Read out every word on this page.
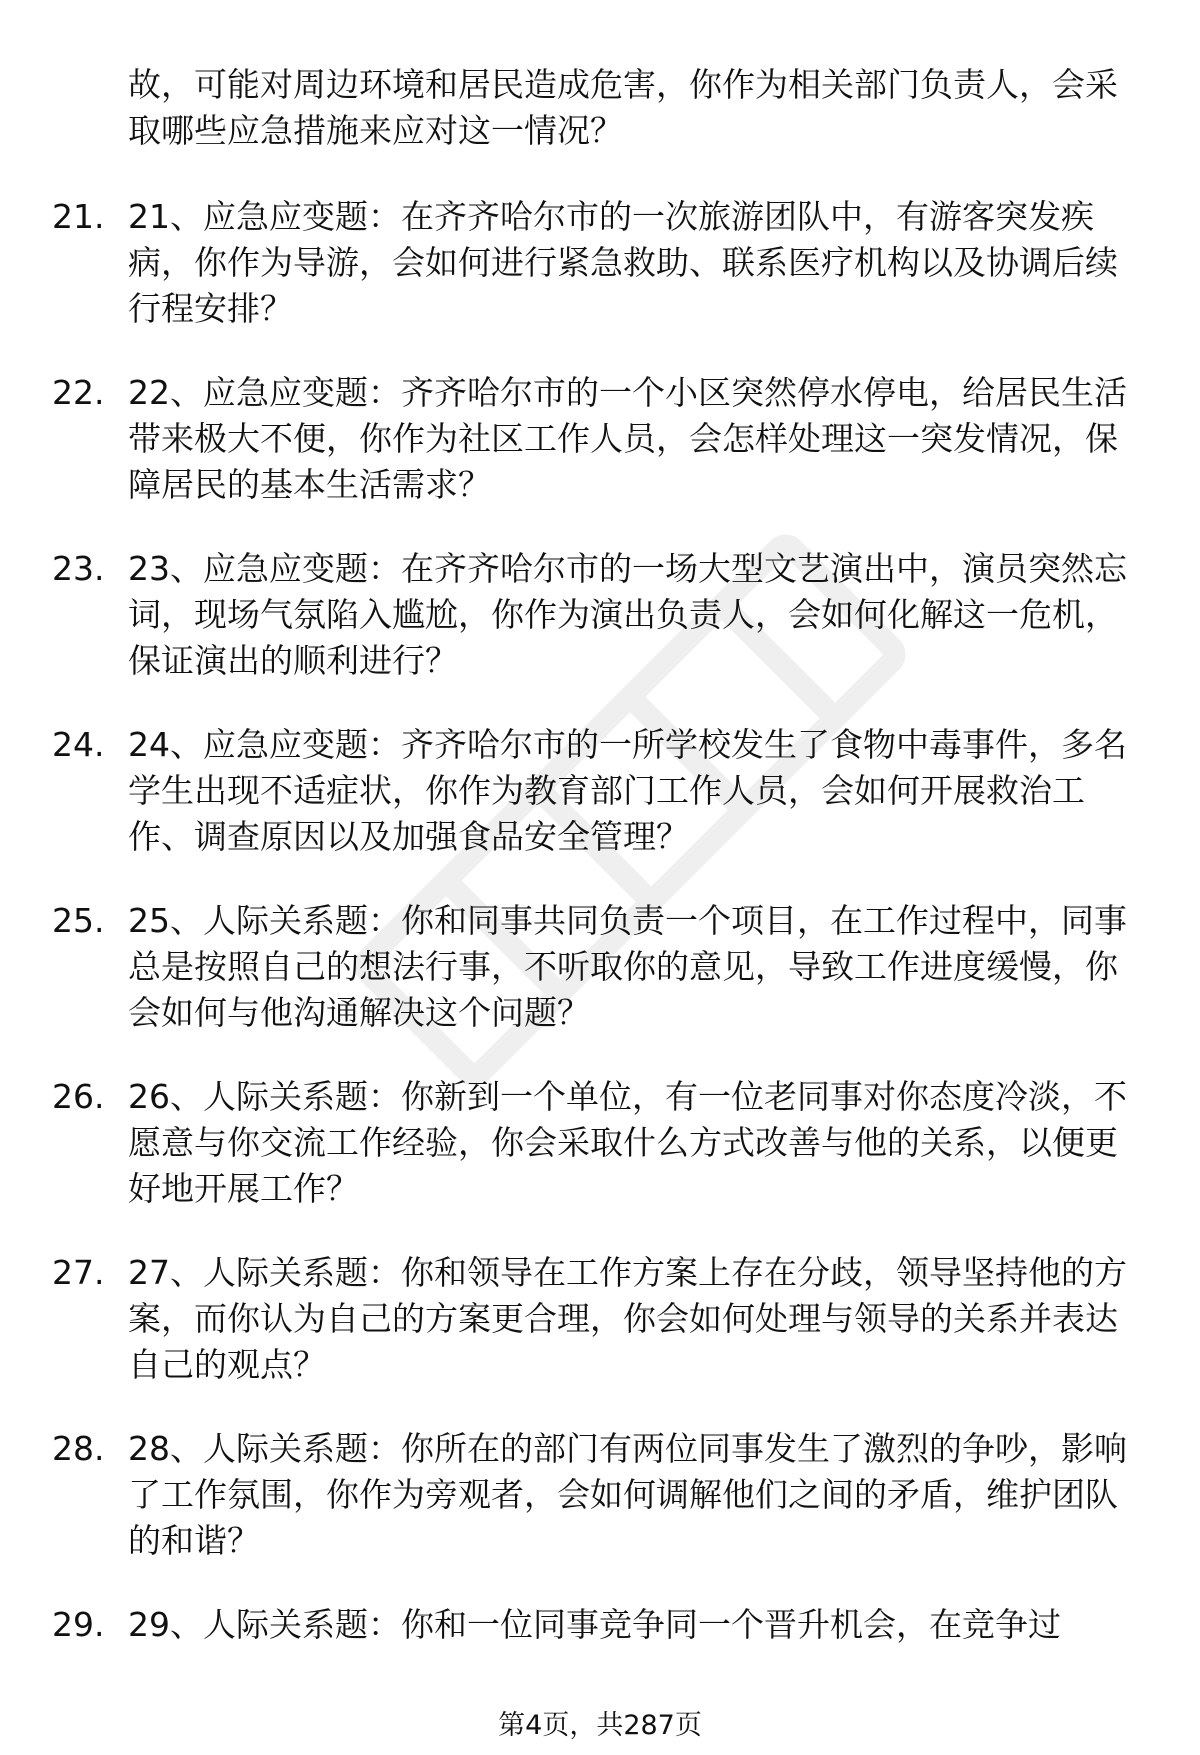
故，可能对周边环境和居民造成危害，你作为相关部门负责人，会采取哪些应急措施来应对这一情况？

21. 21、应急应变题：在齐齐哈尔市的一次旅游团队中，有游客突发疾病，你作为导游，会如何进行紧急救助、联系医疗机构以及协调后续行程安排？
22. 22、应急应变题：齐齐哈尔市的一个小区突然停水停电，给居民生活带来极大不便，你作为社区工作人员，会怎样处理这一突发情况，保障居民的基本生活需求？
23. 23、应急应变题：在齐齐哈尔市的一场大型文艺演出中，演员突然忘词，现场气氛陷入尴尬，你作为演出负责人，会如何化解这一危机，保证演出的顺利进行？
24. 24、应急应变题：齐齐哈尔市的一所学校发生了食物中毒事件，多名学生出现不适症状，你作为教育部门工作人员，会如何开展救治工作、调查原因以及加强食品安全管理？
25. 25、人际关系题：你和同事共同负责一个项目，在工作过程中，同事总是按照自己的想法行事，不听取你的意见，导致工作进度缓慢，你会如何与他沟通解决这个问题？
26. 26、人际关系题：你新到一个单位，有一位老同事对你态度冷淡，不愿意与你交流工作经验，你会采取什么方式改善与他的关系，以便更好地开展工作？
27. 27、人际关系题：你和领导在工作方案上存在分歧，领导坚持他的方案，而你认为自己的方案更合理，你会如何处理与领导的关系并表达自己的观点？
28. 28、人际关系题：你所在的部门有两位同事发生了激烈的争吵，影响了工作氛围，你作为旁观者，会如何调解他们之间的矛盾，维护团队的和谐？
29. 29、人际关系题：你和一位同事竞争同一个晋升机会，在竞争过
第4页，共287页
